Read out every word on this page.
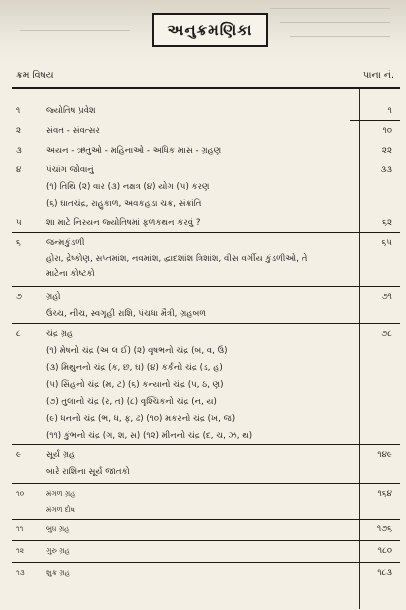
અનુક્રમણિકા
ક્રમ વિષય	પાના નં.
૧	જ્યોતિષ પ્રવેશ	૧
૨	સંવત - સંવત્સર	૧૦
૩	અયન - ઋતુઓ - મહિનાઓ - અધિક માસ - ગ્રહણ	૨૨
૪	પંચાંગ જોવાનું	૩૩
(૧) તિથિ (૨) વાર (૩) નક્ષત્ર (૪) યોગ (૫) કરણ
(૬) ઘાતચંદ્ર, રાહુકાળ, અવકહડા ચક્ર, સંક્રાંતિ
૫	શા માટે નિરયન જ્યોતિષમાં ફળકથન કરવું ?	૬૨
૬	જન્મકુંડળી	૬૫
હોરા, દ્રેષ્કોણ, સપ્તમાંશ, નવમાંશ, દ્વાદશાંશ ત્રિશાંશ, વીસ વર્ગીય કુંડળીઓ, તે
માટેના કોષ્ટકો
૭	ગ્રહો	૭૧
ઉચ્ચ, નીચ, સ્વગૃહી રાશિ, પંચધા મૈત્રી, ગ્રહબળ
૮	ચંદ્ર ગ્રહ	૭૮
(૧) મેષનો ચંદ્ર (અ લ ઈ) (૨) વૃષભનો ચંદ્ર (બ, વ, ઉ)
(૩) મિથુનનો ચંદ્ર (ક, છ, ઘ) (૪) કર્કનો ચંદ્ર (ડ, હ)
(૫) સિંહનો ચંદ્ર (મ, ટ) (૬) કન્યાનો ચંદ્ર (પ, ઠ, ણ)
(૭) તુલાનો ચંદ્ર (ર, ત) (૮) વૃશ્ચિકનો ચંદ્ર (ન, ય)
(૯) ધનનો ચંદ્ર (ભ, ધ, ફ, ઢ) (૧૦) મકરનો ચંદ્ર (ખ, જ)
(૧૧) કુંભનો ચંદ્ર (ગ, શ, સ) (૧૨) મીનનો ચંદ્ર (દ, ચ, ઝ, થ)
૯	સૂર્ય ગ્રહ	૧૪૯
બારે રાશિના સૂર્ય જાતકો
૧૦	મંગળ ગ્રહ	૧૬૪
મંગળ દોષ
૧૧	બુધ ગ્રહ	૧૭૬
૧૨	ગુરુ ગ્રહ	૧૮૦
૧૩	શુક્ર ગ્રહ	૧૮૩
